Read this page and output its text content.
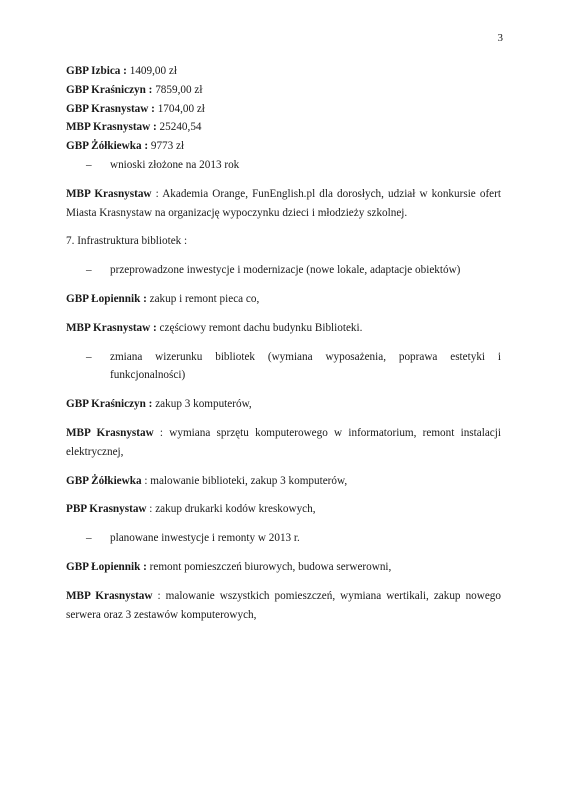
3
GBP Izbica : 1409,00 zł
GBP Kraśniczyn : 7859,00 zł
GBP Krasnystaw : 1704,00 zł
MBP Krasnystaw : 25240,54
GBP Żółkiewka : 9773 zł
–	wnioski złożone na 2013 rok

MBP Krasnystaw : Akademia Orange, FunEnglish.pl dla dorosłych, udział w konkursie ofert Miasta Krasnystaw na organizację wypoczynku dzieci i młodzieży szkolnej.

7. Infrastruktura bibliotek :
–	przeprowadzone inwestycje i modernizacje (nowe lokale, adaptacje obiektów)
GBP Łopiennik : zakup i remont pieca co,
MBP Krasnystaw : częściowy remont dachu budynku Biblioteki.
–	zmiana wizerunku bibliotek (wymiana wyposażenia, poprawa estetyki i funkcjonalności)
GBP Kraśniczyn : zakup 3 komputerów,

MBP Krasnystaw : wymiana sprzętu komputerowego w informatorium, remont instalacji elektrycznej,

GBP Żółkiewka : malowanie biblioteki, zakup 3 komputerów,
PBP Krasnystaw : zakup drukarki kodów kreskowych,
–	planowane inwestycje i remonty w 2013 r.
GBP Łopiennik : remont pomieszczeń biurowych, budowa serwerowni,

MBP Krasnystaw : malowanie wszystkich pomieszczeń, wymiana wertikali, zakup nowego serwera oraz 3 zestawów komputerowych,
